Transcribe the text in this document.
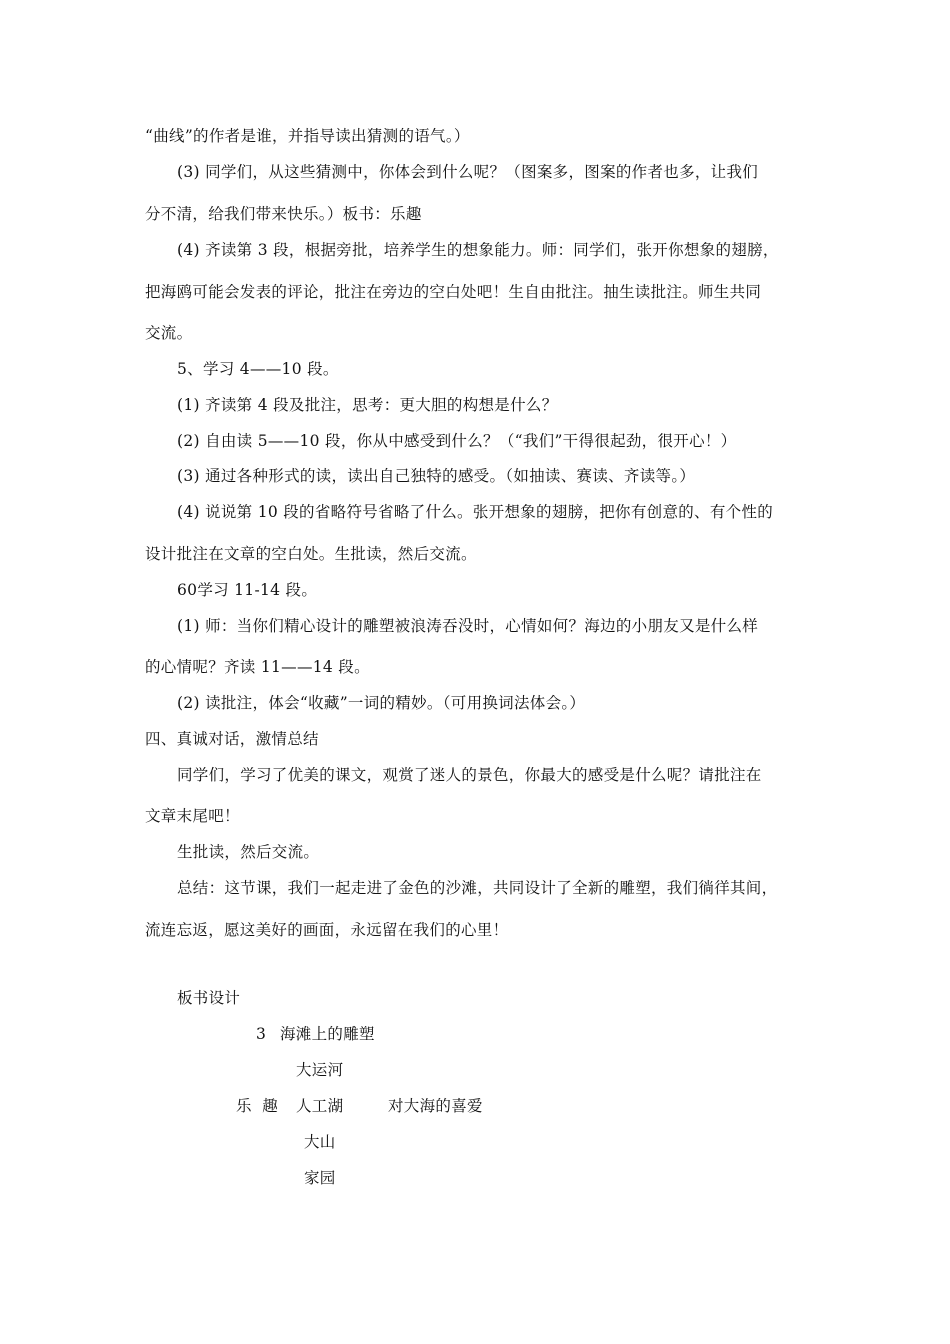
“曲线”的作者是谁，并指导读出猜测的语气。）
(3) 同学们，从这些猜测中，你体会到什么呢？（图案多，图案的作者也多，让我们
分不清，给我们带来快乐。）板书：乐趣
(4) 齐读第 3 段，根据旁批，培养学生的想象能力。师：同学们，张开你想象的翅膀，
把海鸥可能会发表的评论，批注在旁边的空白处吧！生自由批注。抽生读批注。师生共同
交流。
5、学习 4——10 段。
(1) 齐读第 4 段及批注，思考：更大胆的构想是什么？
(2) 自由读 5——10 段，你从中感受到什么？（“我们”干得很起劲，很开心！）
(3) 通过各种形式的读，读出自己独特的感受。（如抽读、赛读、齐读等。）
(4) 说说第 10 段的省略符号省略了什么。张开想象的翅膀，把你有创意的、有个性的
设计批注在文章的空白处。生批读，然后交流。
60学习 11-14 段。
(1) 师：当你们精心设计的雕塑被浪涛吞没时，心情如何？海边的小朋友又是什么样
的心情呢？齐读 11——14 段。
(2) 读批注，体会“收藏”一词的精妙。（可用换词法体会。）
四、真诚对话，激情总结
同学们，学习了优美的课文，观赏了迷人的景色，你最大的感受是什么呢？请批注在
文章末尾吧！
生批读，然后交流。
总结：这节课，我们一起走进了金色的沙滩，共同设计了全新的雕塑，我们徜徉其间，
流连忘返，愿这美好的画面，永远留在我们的心里！
板书设计
3 海滩上的雕塑
大运河
乐  趣 人工湖	对大海的喜爱
大山
家园
